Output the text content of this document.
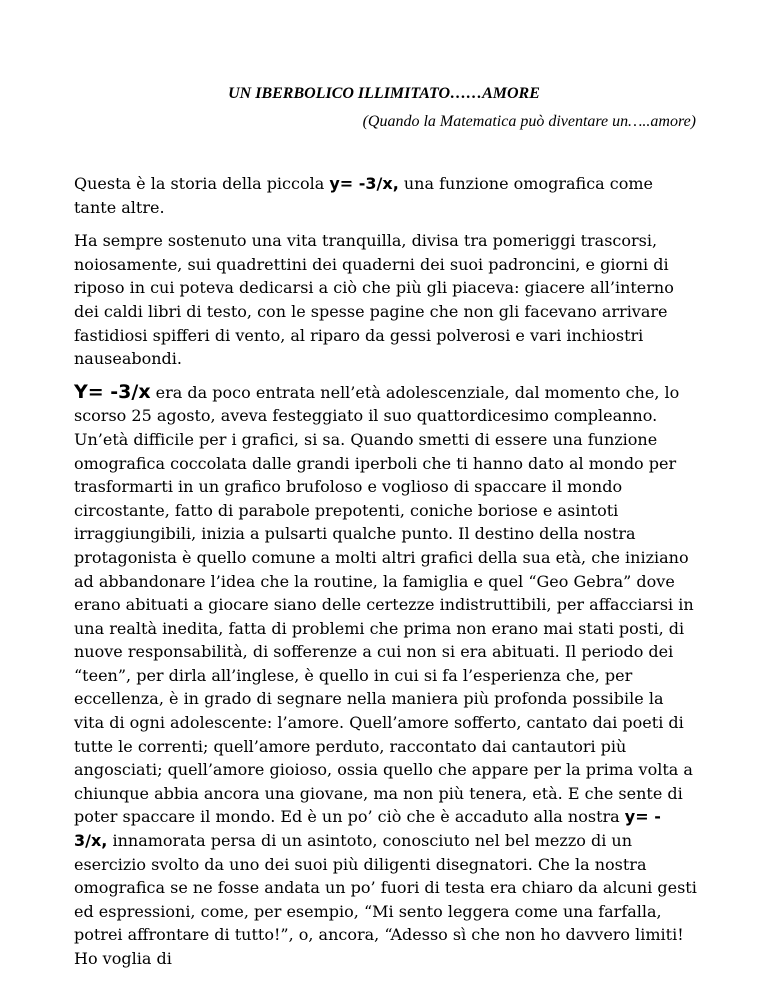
UN IBERBOLICO ILLIMITATO……AMORE
(Quando la Matematica può diventare un…..amore)

Questa è la storia della piccola y= -3/x, una funzione omografica come tante altre.

Ha sempre sostenuto una vita tranquilla, divisa tra pomeriggi trascorsi, noiosamente, sui quadrettini dei quaderni dei suoi padroncini, e giorni di riposo in cui poteva dedicarsi a ciò che più gli piaceva: giacere all’interno dei caldi libri di testo, con le spesse pagine che non gli facevano arrivare fastidiosi spifferi di vento, al riparo da gessi polverosi e vari inchiostri nauseabondi.

Y= -3/x era da poco entrata nell’età adolescenziale, dal momento che, lo scorso 25 agosto, aveva festeggiato il suo quattordicesimo compleanno. Un’età difficile per i grafici, si sa. Quando smetti di essere una funzione omografica coccolata dalle grandi iperboli che ti hanno dato al mondo per trasformarti in un grafico brufoloso e voglioso di spaccare il mondo circostante, fatto di parabole prepotenti, coniche boriose e asintoti irraggiungibili, inizia a pulsarti qualche punto. Il destino della nostra protagonista è quello comune a molti altri grafici della sua età, che iniziano ad abbandonare l’idea che la routine, la famiglia e quel “Geo Gebra” dove erano abituati a giocare siano delle certezze indistruttibili, per affacciarsi in una realtà inedita, fatta di problemi che prima non erano mai stati posti, di nuove responsabilità, di sofferenze a cui non si era abituati. Il periodo dei “teen”, per dirla all’inglese, è quello in cui si fa l’esperienza che, per eccellenza, è in grado di segnare nella maniera più profonda possibile la vita di ogni adolescente: l’amore. Quell’amore sofferto, cantato dai poeti di tutte le correnti; quell’amore perduto, raccontato dai cantautori più angosciati; quell’amore gioioso, ossia quello che appare per la prima volta a chiunque abbia ancora una giovane, ma non più tenera, età. E che sente di poter spaccare il mondo. Ed è un po’ ciò che è accaduto alla nostra y= - 3/x, innamorata persa di un asintoto, conosciuto nel bel mezzo di un esercizio svolto da uno dei suoi più diligenti disegnatori. Che la nostra omografica se ne fosse andata un po’ fuori di testa era chiaro da alcuni gesti ed espressioni, come, per esempio, “Mi sento leggera come una farfalla, potrei affrontare di tutto!”, o, ancora, “Adesso sì che non ho davvero limiti! Ho voglia di
